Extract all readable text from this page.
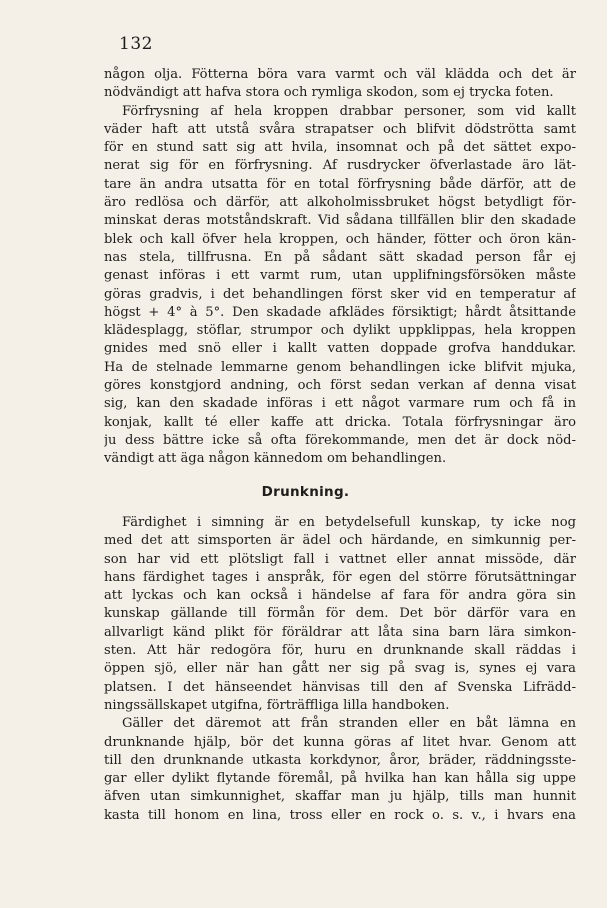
132
någon olja. Fötterna böra vara varmt och väl klädda och det är
nödvändigt att hafva stora och rymliga skodon, som ej trycka foten.
Förfrysning af hela kroppen drabbar personer, som vid kallt
väder haft att utstå svåra strapatser och blifvit dödströtta samt
för en stund satt sig att hvila, insomnat och på det sättet expo-
nerat sig för en förfrysning. Af rusdrycker öfverlastade äro lät-
tare än andra utsatta för en total förfrysning både därför, att de
äro redlösa och därför, att alkoholmissbruket högst betydligt för-
minskat deras motståndskraft. Vid sådana tillfällen blir den skadade
blek och kall öfver hela kroppen, och händer, fötter och öron kän-
nas stela, tillfrusna. En på sådant sätt skadad person får ej
genast införas i ett varmt rum, utan upplifningsförsöken måste
göras gradvis, i det behandlingen först sker vid en temperatur af
högst + 4° à 5°. Den skadade afklädes försiktigt; hårdt åtsittande
klädesplagg, stöflar, strumpor och dylikt uppklippas, hela kroppen
gnides med snö eller i kallt vatten doppade grofva handdukar.
Ha de stelnade lemmarne genom behandlingen icke blifvit mjuka,
göres konstgjord andning, och först sedan verkan af denna visat
sig, kan den skadade införas i ett något varmare rum och få in
konjak, kallt té eller kaffe att dricka. Totala förfrysningar äro
ju dess bättre icke så ofta förekommande, men det är dock nöd-
vändigt att äga någon kännedom om behandlingen.
Drunkning.
Färdighet i simning är en betydelsefull kunskap, ty icke nog
med det att simsporten är ädel och härdande, en simkunnig per-
son har vid ett plötsligt fall i vattnet eller annat missöde, där
hans färdighet tages i anspråk, för egen del större förutsättningar
att lyckas och kan också i händelse af fara för andra göra sin
kunskap gällande till förmån för dem. Det bör därför vara en
allvarligt känd plikt för föräldrar att låta sina barn lära simkon-
sten. Att här redogöra för, huru en drunknande skall räddas i
öppen sjö, eller när han gått ner sig på svag is, synes ej vara
platsen. I det hänseendet hänvisas till den af Svenska Lifrädd-
ningssällskapet utgifna, förträffliga lilla handboken.
Gäller det däremot att från stranden eller en båt lämna en
drunknande hjälp, bör det kunna göras af litet hvar. Genom att
till den drunknande utkasta korkdynor, åror, bräder, räddningsste-
gar eller dylikt flytande föremål, på hvilka han kan hålla sig uppe
äfven utan simkunnighet, skaffar man ju hjälp, tills man hunnit
kasta till honom en lina, tross eller en rock o. s. v., i hvars ena
